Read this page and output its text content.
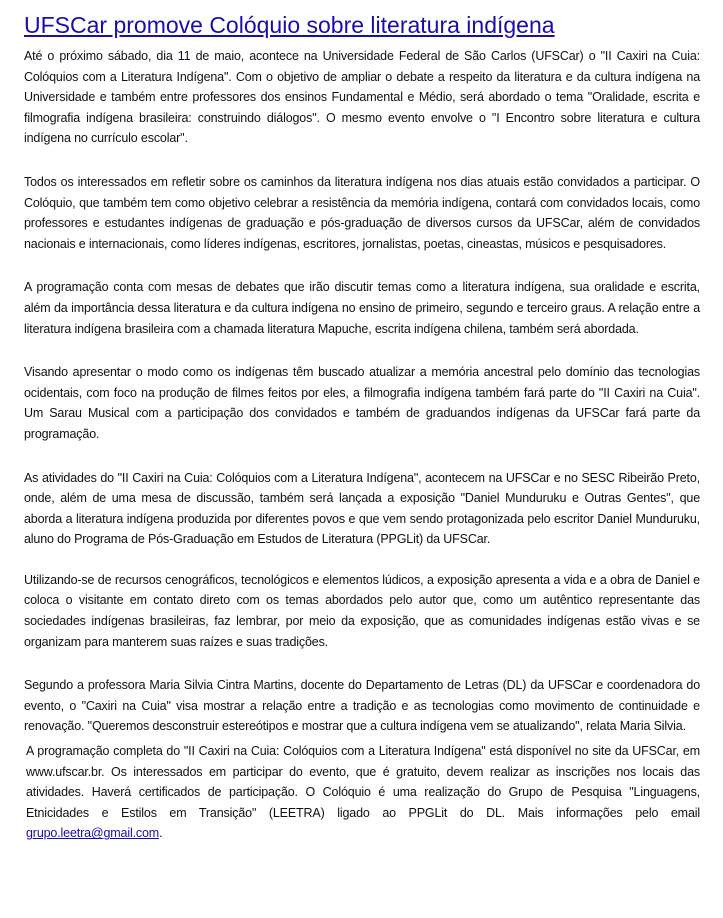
UFSCar promove Colóquio sobre literatura indígena

Até o próximo sábado, dia 11 de maio, acontece na Universidade Federal de São Carlos (UFSCar) o "II Caxiri na Cuia: Colóquios com a Literatura Indígena". Com o objetivo de ampliar o debate a respeito da literatura e da cultura indígena na Universidade e também entre professores dos ensinos Fundamental e Médio, será abordado o tema "Oralidade, escrita e filmografia indígena brasileira: construindo diálogos". O mesmo evento envolve o "I Encontro sobre literatura e cultura indígena no currículo escolar".

Todos os interessados em refletir sobre os caminhos da literatura indígena nos dias atuais estão convidados a participar. O Colóquio, que também tem como objetivo celebrar a resistência da memória indígena, contará com convidados locais, como professores e estudantes indígenas de graduação e pós-graduação de diversos cursos da UFSCar, além de convidados nacionais e internacionais, como líderes indígenas, escritores, jornalistas, poetas, cineastas, músicos e pesquisadores.

A programação conta com mesas de debates que irão discutir temas como a literatura indígena, sua oralidade e escrita, além da importância dessa literatura e da cultura indígena no ensino de primeiro, segundo e terceiro graus. A relação entre a literatura indígena brasileira com a chamada literatura Mapuche, escrita indígena chilena, também será abordada.

Visando apresentar o modo como os indígenas têm buscado atualizar a memória ancestral pelo domínio das tecnologias ocidentais, com foco na produção de filmes feitos por eles, a filmografia indígena também fará parte do "II Caxiri na Cuia". Um Sarau Musical com a participação dos convidados e também de graduandos indígenas da UFSCar fará parte da programação.

As atividades do "II Caxiri na Cuia: Colóquios com a Literatura Indígena", acontecem na UFSCar e no SESC Ribeirão Preto, onde, além de uma mesa de discussão, também será lançada a exposição "Daniel Munduruku e Outras Gentes", que aborda a literatura indígena produzida por diferentes povos e que vem sendo protagonizada pelo escritor Daniel Munduruku, aluno do Programa de Pós-Graduação em Estudos de Literatura (PPGLit) da UFSCar.

Utilizando-se de recursos cenográficos, tecnológicos e elementos lúdicos, a exposição apresenta a vida e a obra de Daniel e coloca o visitante em contato direto com os temas abordados pelo autor que, como um autêntico representante das sociedades indígenas brasileiras, faz lembrar, por meio da exposição, que as comunidades indígenas estão vivas e se organizam para manterem suas raízes e suas tradições.

Segundo a professora Maria Silvia Cintra Martins, docente do Departamento de Letras (DL) da UFSCar e coordenadora do evento, o "Caxiri na Cuia" visa mostrar a relação entre a tradição e as tecnologias como movimento de continuidade e renovação. "Queremos desconstruir estereótipos e mostrar que a cultura indígena vem se atualizando", relata Maria Silvia.

A programação completa do "II Caxiri na Cuia: Colóquios com a Literatura Indígena" está disponível no site da UFSCar, em www.ufscar.br. Os interessados em participar do evento, que é gratuito, devem realizar as inscrições nos locais das atividades. Haverá certificados de participação. O Colóquio é uma realização do Grupo de Pesquisa "Linguagens, Etnicidades e Estilos em Transição" (LEETRA) ligado ao PPGLit do DL. Mais informações pelo email grupo.leetra@gmail.com.
